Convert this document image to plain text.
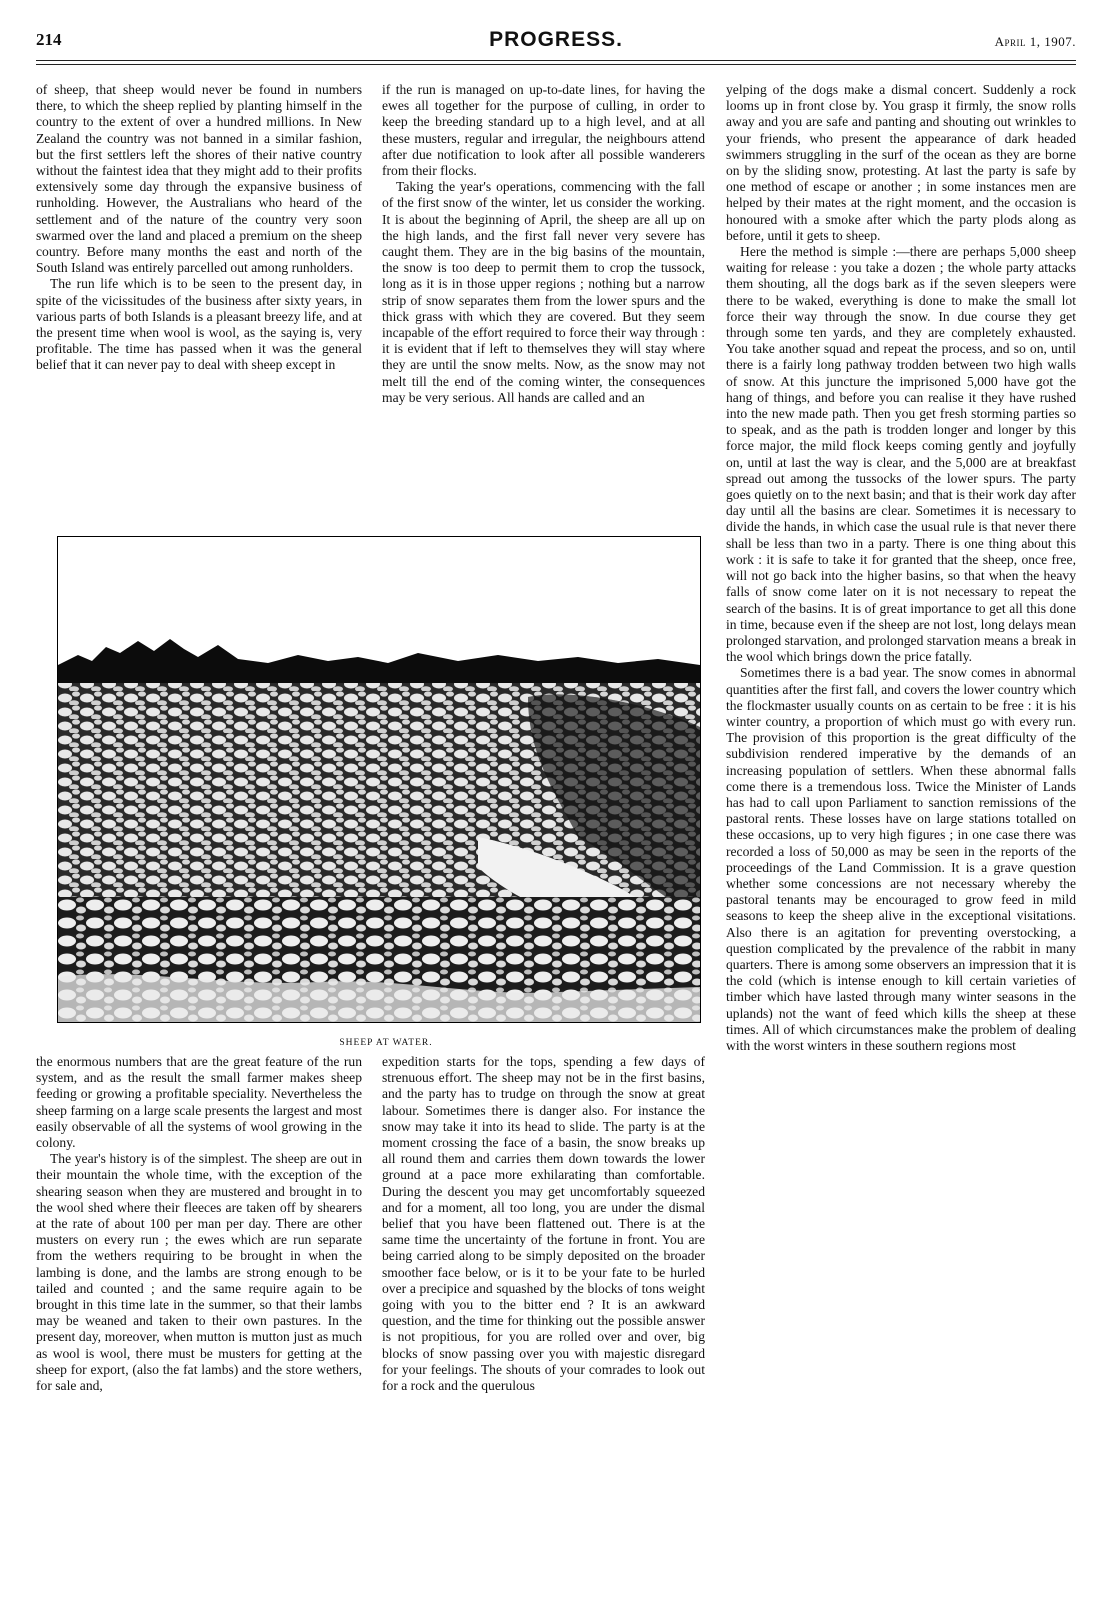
214	PROGRESS.	April 1, 1907.

of sheep, that sheep would never be found in numbers there, to which the sheep replied by planting himself in the country to the extent of over a hundred millions. In New Zealand the country was not banned in a similar fashion, but the first settlers left the shores of their native country without the faintest idea that they might add to their profits extensively some day through the expansive business of runholding. However, the Australians who heard of the settlement and of the nature of the country very soon swarmed over the land and placed a premium on the sheep country. Before many months the east and north of the South Island was entirely parcelled out among runholders.

The run life which is to be seen to the present day, in spite of the vicissitudes of the business after sixty years, in various parts of both Islands is a pleasant breezy life, and at the present time when wool is wool, as the saying is, very profitable. The time has passed when it was the general belief that it can never pay to deal with sheep except in

if the run is managed on up-to-date lines, for having the ewes all together for the purpose of culling, in order to keep the breeding standard up to a high level, and at all these musters, regular and irregular, the neighbours attend after due notification to look after all possible wanderers from their flocks.

Taking the year's operations, commencing with the fall of the first snow of the winter, let us consider the working. It is about the beginning of April, the sheep are all up on the high lands, and the first fall never very severe has caught them. They are in the big basins of the mountain, the snow is too deep to permit them to crop the tussock, long as it is in those upper regions ; nothing but a narrow strip of snow separates them from the lower spurs and the thick grass with which they are covered. But they seem incapable of the effort required to force their way through : it is evident that if left to themselves they will stay where they are until the snow melts. Now, as the snow may not melt till the end of the coming winter, the consequences may be very serious. All hands are called and an

SHEEP AT WATER.

the enormous numbers that are the great feature of the run system, and as the result the small farmer makes sheep feeding or growing a profitable speciality. Nevertheless the sheep farming on a large scale presents the largest and most easily observable of all the systems of wool growing in the colony.

The year's history is of the simplest. The sheep are out in their mountain the whole time, with the exception of the shearing season when they are mustered and brought in to the wool shed where their fleeces are taken off by shearers at the rate of about 100 per man per day. There are other musters on every run ; the ewes which are run separate from the wethers requiring to be brought in when the lambing is done, and the lambs are strong enough to be tailed and counted ; and the same require again to be brought in this time late in the summer, so that their lambs may be weaned and taken to their own pastures. In the present day, moreover, when mutton is mutton just as much as wool is wool, there must be musters for getting at the sheep for export, (also the fat lambs) and the store wethers, for sale and,

expedition starts for the tops, spending a few days of strenuous effort. The sheep may not be in the first basins, and the party has to trudge on through the snow at great labour. Sometimes there is danger also. For instance the snow may take it into its head to slide. The party is at the moment crossing the face of a basin, the snow breaks up all round them and carries them down towards the lower ground at a pace more exhilarating than comfortable. During the descent you may get uncomfortably squeezed and for a moment, all too long, you are under the dismal belief that you have been flattened out. There is at the same time the uncertainty of the fortune in front. You are being carried along to be simply deposited on the broader smoother face below, or is it to be your fate to be hurled over a precipice and squashed by the blocks of tons weight going with you to the bitter end ? It is an awkward question, and the time for thinking out the possible answer is not propitious, for you are rolled over and over, big blocks of snow passing over you with majestic disregard for your feelings. The shouts of your comrades to look out for a rock and the querulous

yelping of the dogs make a dismal concert. Suddenly a rock looms up in front close by. You grasp it firmly, the snow rolls away and you are safe and panting and shouting out wrinkles to your friends, who present the appearance of dark headed swimmers struggling in the surf of the ocean as they are borne on by the sliding snow, protesting. At last the party is safe by one method of escape or another ; in some instances men are helped by their mates at the right moment, and the occasion is honoured with a smoke after which the party plods along as before, until it gets to sheep.

Here the method is simple :—there are perhaps 5,000 sheep waiting for release : you take a dozen ; the whole party attacks them shouting, all the dogs bark as if the seven sleepers were there to be waked, everything is done to make the small lot force their way through the snow. In due course they get through some ten yards, and they are completely exhausted. You take another squad and repeat the process, and so on, until there is a fairly long pathway trodden between two high walls of snow. At this juncture the imprisoned 5,000 have got the hang of things, and before you can realise it they have rushed into the new made path. Then you get fresh storming parties so to speak, and as the path is trodden longer and longer by this force major, the mild flock keeps coming gently and joyfully on, until at last the way is clear, and the 5,000 are at breakfast spread out among the tussocks of the lower spurs. The party goes quietly on to the next basin; and that is their work day after day until all the basins are clear. Sometimes it is necessary to divide the hands, in which case the usual rule is that never there shall be less than two in a party. There is one thing about this work : it is safe to take it for granted that the sheep, once free, will not go back into the higher basins, so that when the heavy falls of snow come later on it is not necessary to repeat the search of the basins. It is of great importance to get all this done in time, because even if the sheep are not lost, long delays mean prolonged starvation, and prolonged starvation means a break in the wool which brings down the price fatally.

Sometimes there is a bad year. The snow comes in abnormal quantities after the first fall, and covers the lower country which the flockmaster usually counts on as certain to be free : it is his winter country, a proportion of which must go with every run. The provision of this proportion is the great difficulty of the subdivision rendered imperative by the demands of an increasing population of settlers. When these abnormal falls come there is a tremendous loss. Twice the Minister of Lands has had to call upon Parliament to sanction remissions of the pastoral rents. These losses have on large stations totalled on these occasions, up to very high figures ; in one case there was recorded a loss of 50,000 as may be seen in the reports of the proceedings of the Land Commission. It is a grave question whether some concessions are not necessary whereby the pastoral tenants may be encouraged to grow feed in mild seasons to keep the sheep alive in the exceptional visitations. Also there is an agitation for preventing overstocking, a question complicated by the prevalence of the rabbit in many quarters. There is among some observers an impression that it is the cold (which is intense enough to kill certain varieties of timber which have lasted through many winter seasons in the uplands) not the want of feed which kills the sheep at these times. All of which circumstances make the problem of dealing with the worst winters in these southern regions most
